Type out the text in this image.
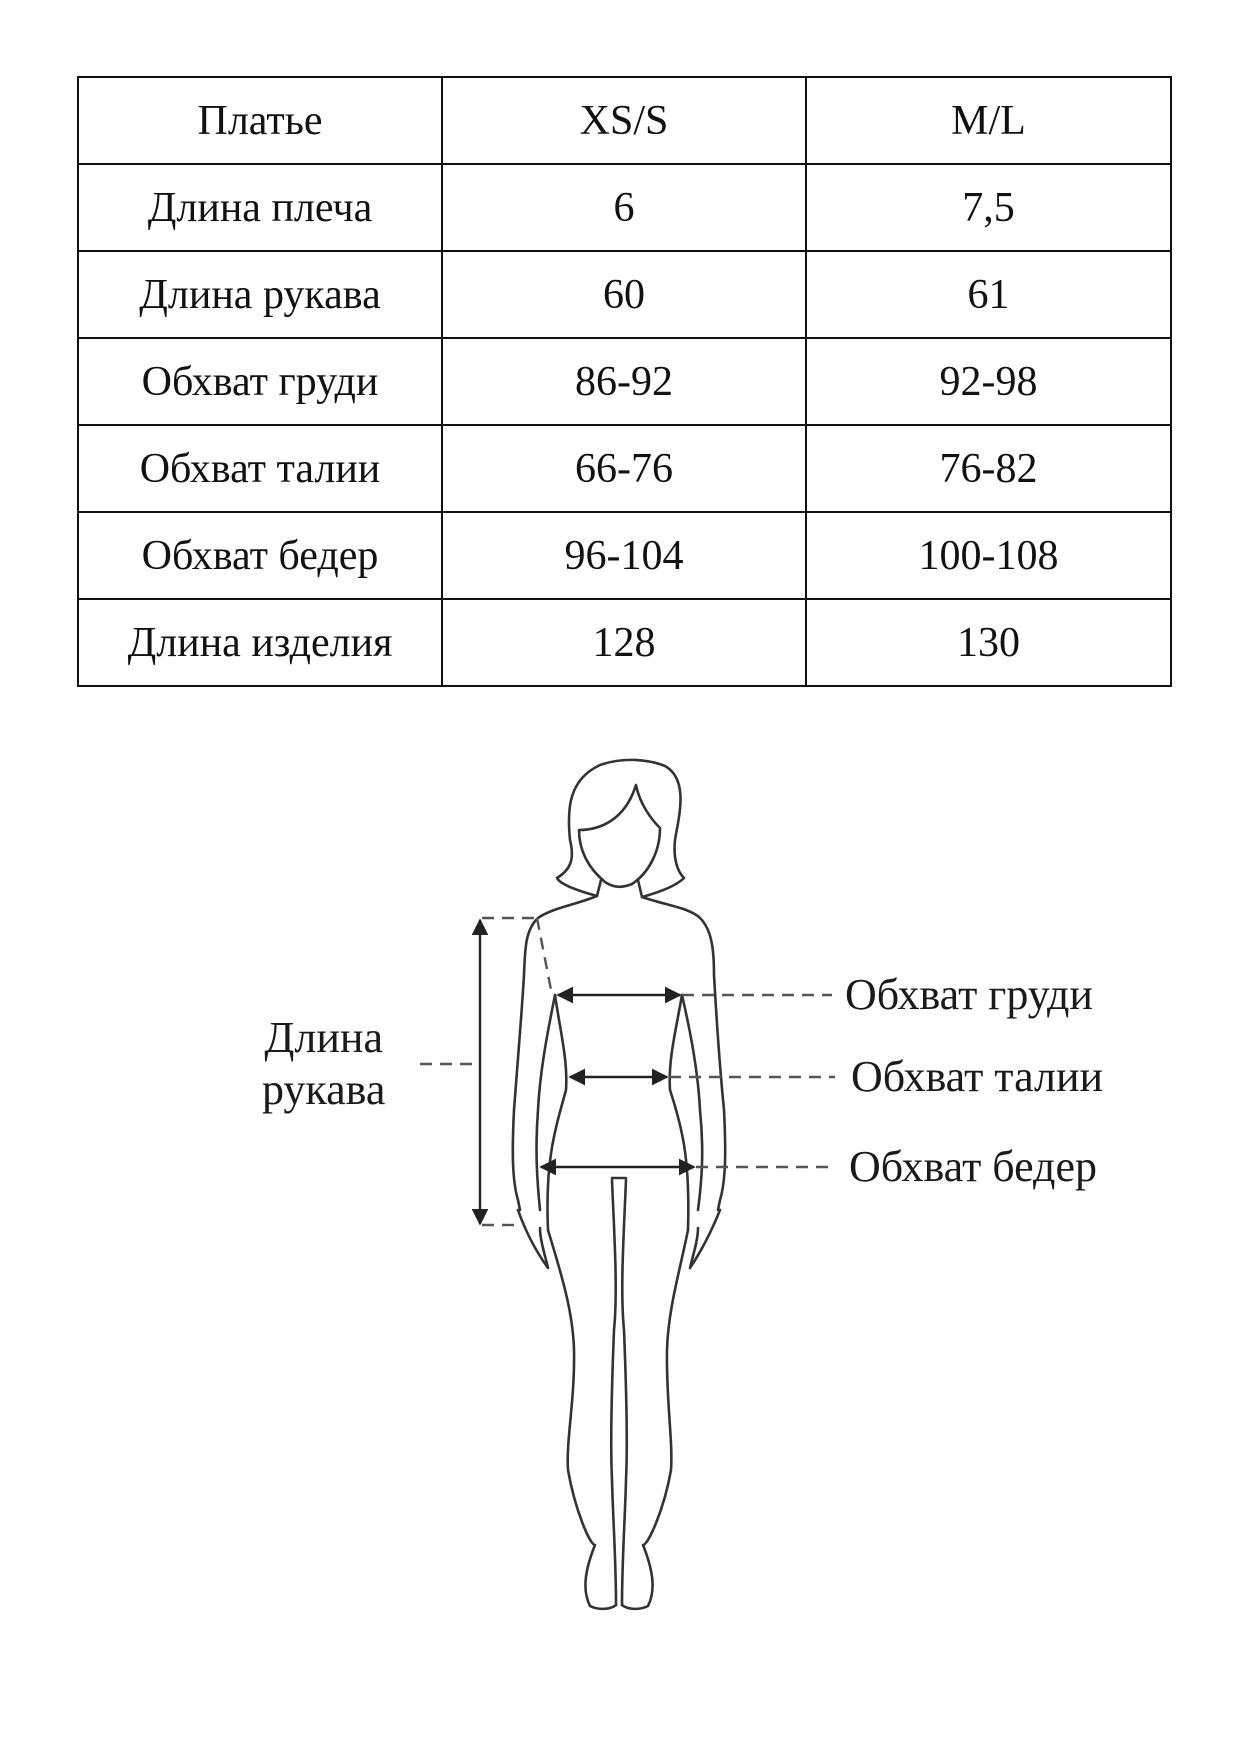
Платье	XS/S	M/L
Длина плеча	6	7,5
Длина рукава	60	61
Обхват груди	86-92	92-98
Обхват талии	66-76	76-82
Обхват бедер	96-104	100-108
Длина изделия	128	130
Длина
рукава
Обхват груди
Обхват талии
Обхват бедер
